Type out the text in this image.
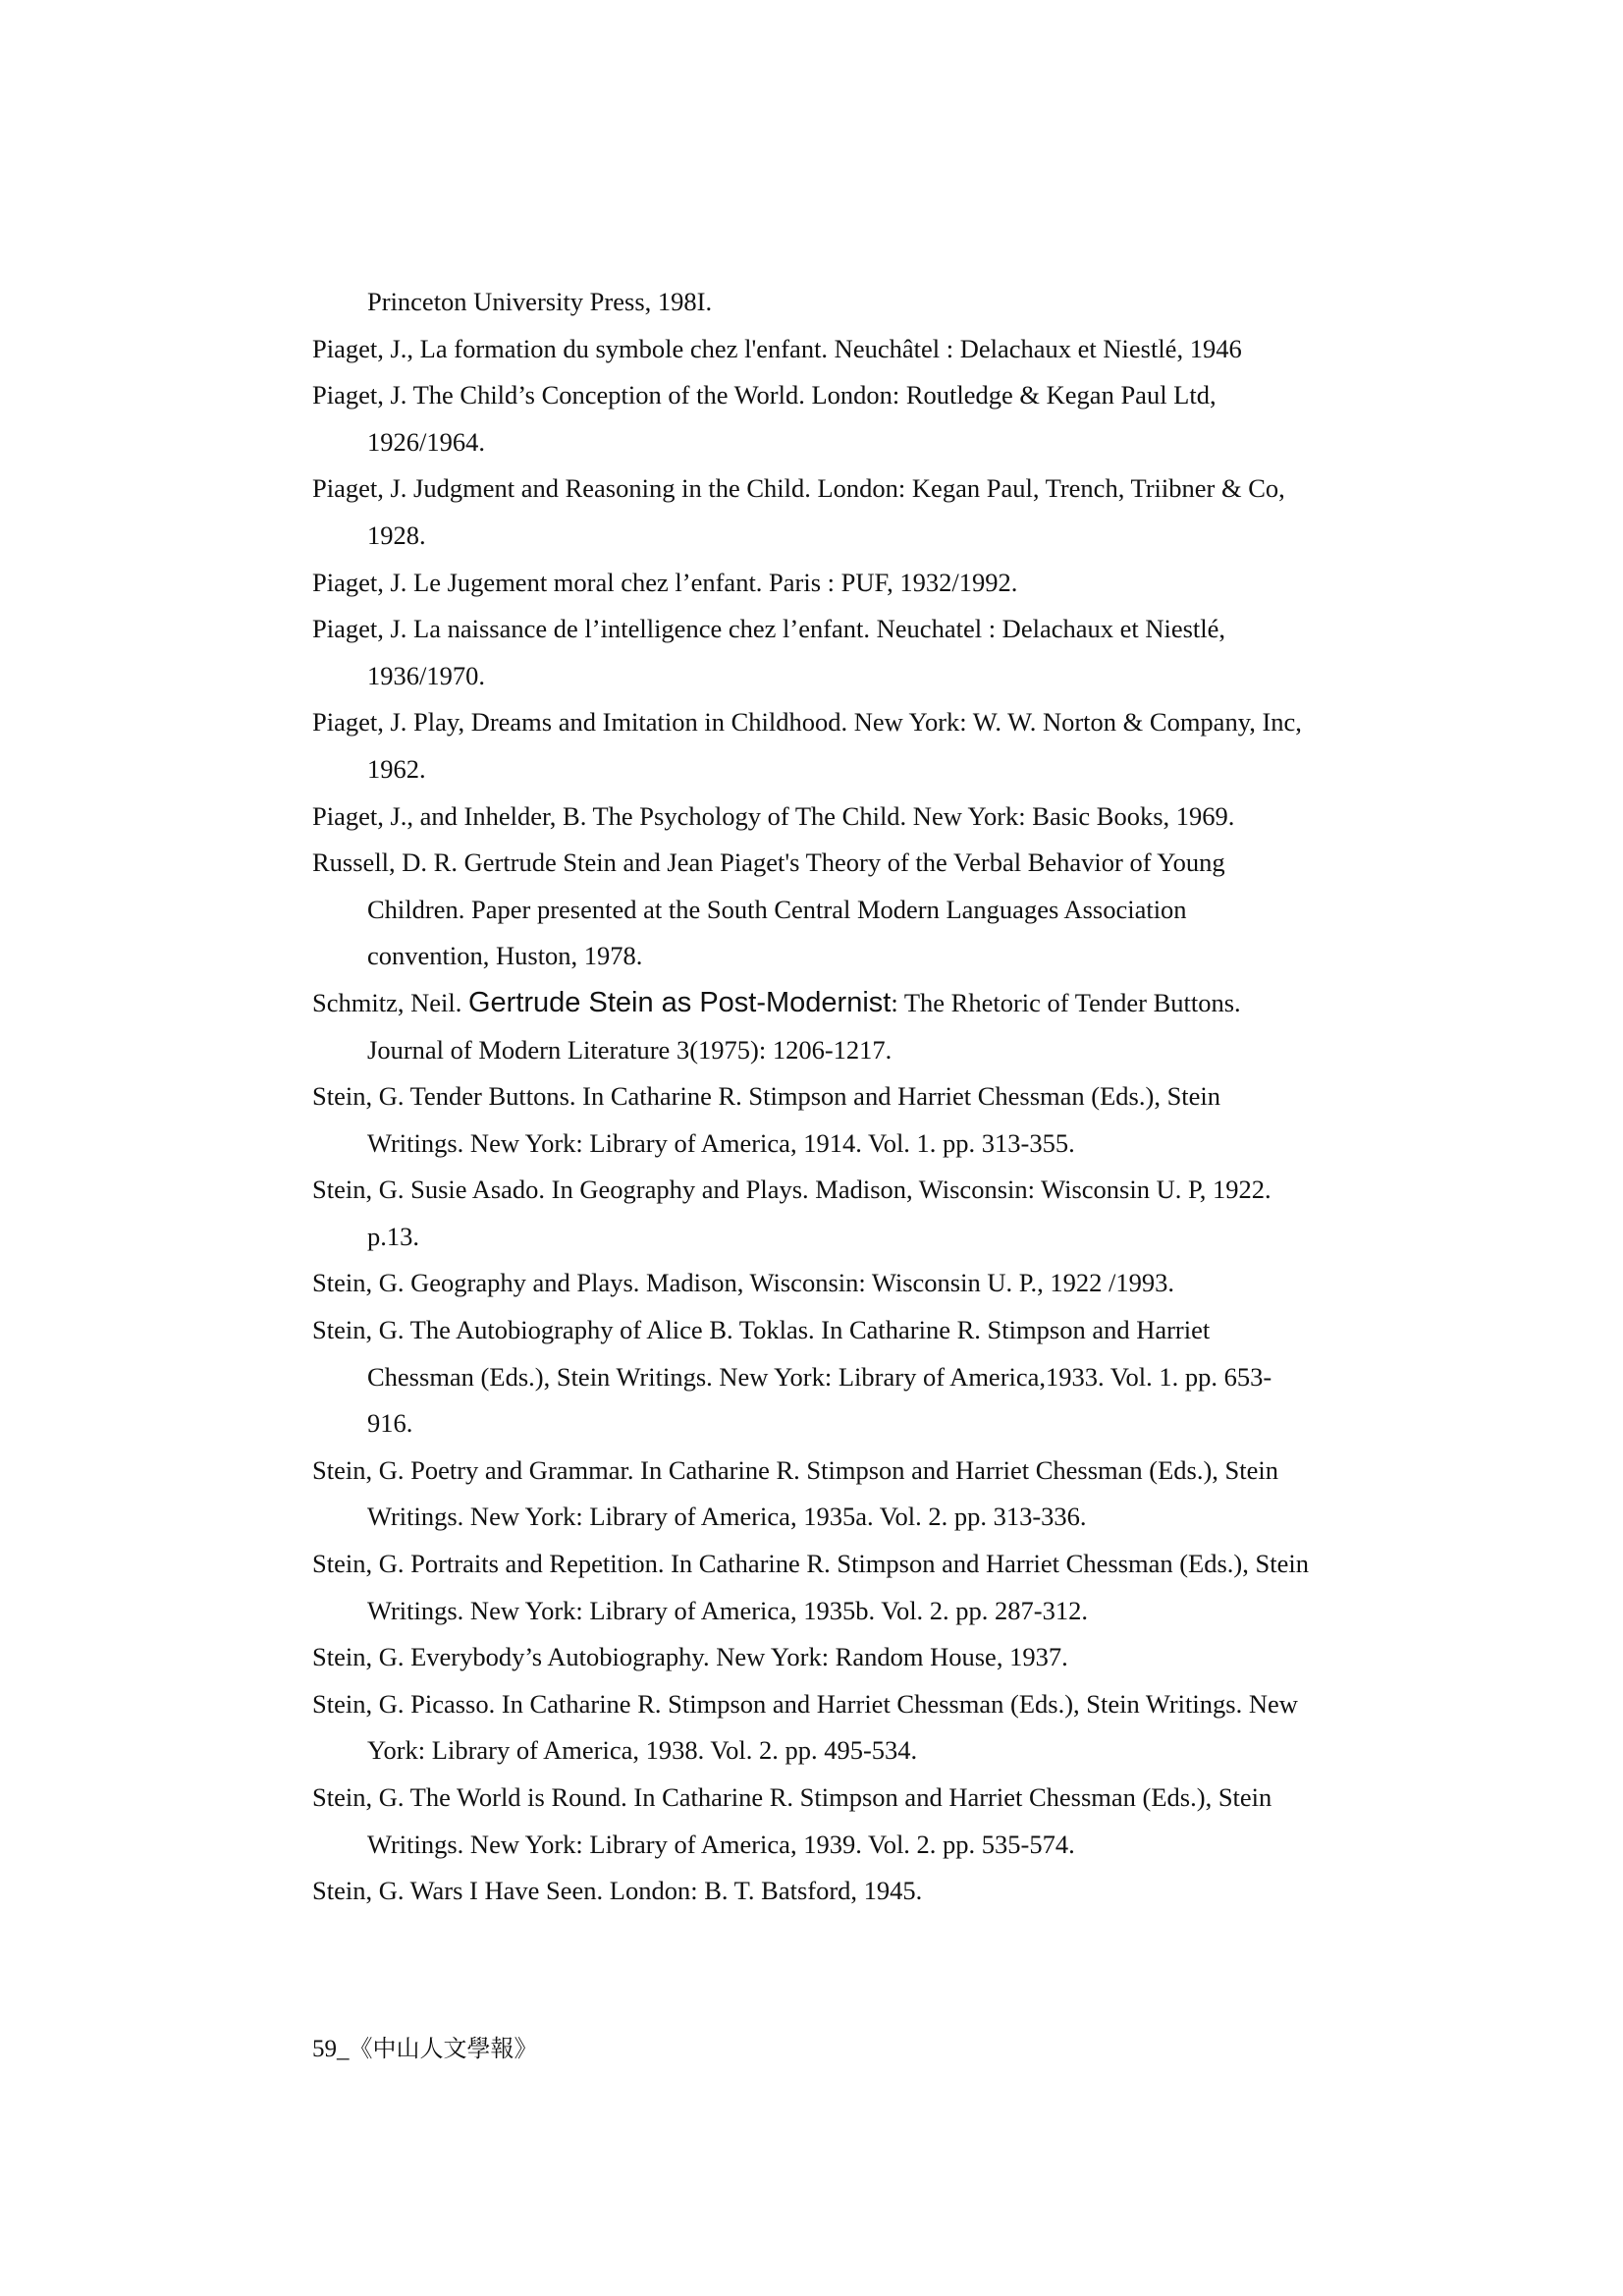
Princeton University Press, 198I.

Piaget, J., La formation du symbole chez l'enfant. Neuchâtel : Delachaux et Niestlé, 1946

Piaget, J. The Child’s Conception of the World. London: Routledge & Kegan Paul Ltd, 1926/1964.

Piaget, J. Judgment and Reasoning in the Child. London: Kegan Paul, Trench, Triibner & Co, 1928.

Piaget, J. Le Jugement moral chez l’enfant. Paris : PUF, 1932/1992.

Piaget, J. La naissance de l’intelligence chez l’enfant. Neuchatel : Delachaux et Niestlé, 1936/1970.

Piaget, J. Play, Dreams and Imitation in Childhood. New York: W. W. Norton & Company, Inc, 1962.

Piaget, J., and Inhelder, B. The Psychology of The Child. New York: Basic Books, 1969.

Russell, D. R. Gertrude Stein and Jean Piaget's Theory of the Verbal Behavior of Young Children. Paper presented at the South Central Modern Languages Association convention, Huston, 1978.

Schmitz, Neil. Gertrude Stein as Post-Modernist: The Rhetoric of Tender Buttons. Journal of Modern Literature 3(1975): 1206-1217.

Stein, G. Tender Buttons. In Catharine R. Stimpson and Harriet Chessman (Eds.), Stein Writings. New York: Library of America, 1914. Vol. 1. pp. 313-355.

Stein, G. Susie Asado. In Geography and Plays. Madison, Wisconsin: Wisconsin U. P, 1922. p.13.

Stein, G. Geography and Plays. Madison, Wisconsin: Wisconsin U. P., 1922 /1993.

Stein, G. The Autobiography of Alice B. Toklas. In Catharine R. Stimpson and Harriet Chessman (Eds.), Stein Writings. New York: Library of America,1933. Vol. 1. pp. 653-916.

Stein, G. Poetry and Grammar. In Catharine R. Stimpson and Harriet Chessman (Eds.), Stein Writings. New York: Library of America, 1935a. Vol. 2. pp. 313-336.

Stein, G. Portraits and Repetition. In Catharine R. Stimpson and Harriet Chessman (Eds.), Stein Writings. New York: Library of America, 1935b. Vol. 2. pp. 287-312.

Stein, G. Everybody’s Autobiography. New York: Random House, 1937.

Stein, G. Picasso. In Catharine R. Stimpson and Harriet Chessman (Eds.), Stein Writings. New York: Library of America, 1938. Vol. 2. pp. 495-534.

Stein, G. The World is Round. In Catharine R. Stimpson and Harriet Chessman (Eds.), Stein Writings. New York: Library of America, 1939. Vol. 2. pp. 535-574.

Stein, G. Wars I Have Seen. London: B. T. Batsford, 1945.

59_《中山人文學報》
